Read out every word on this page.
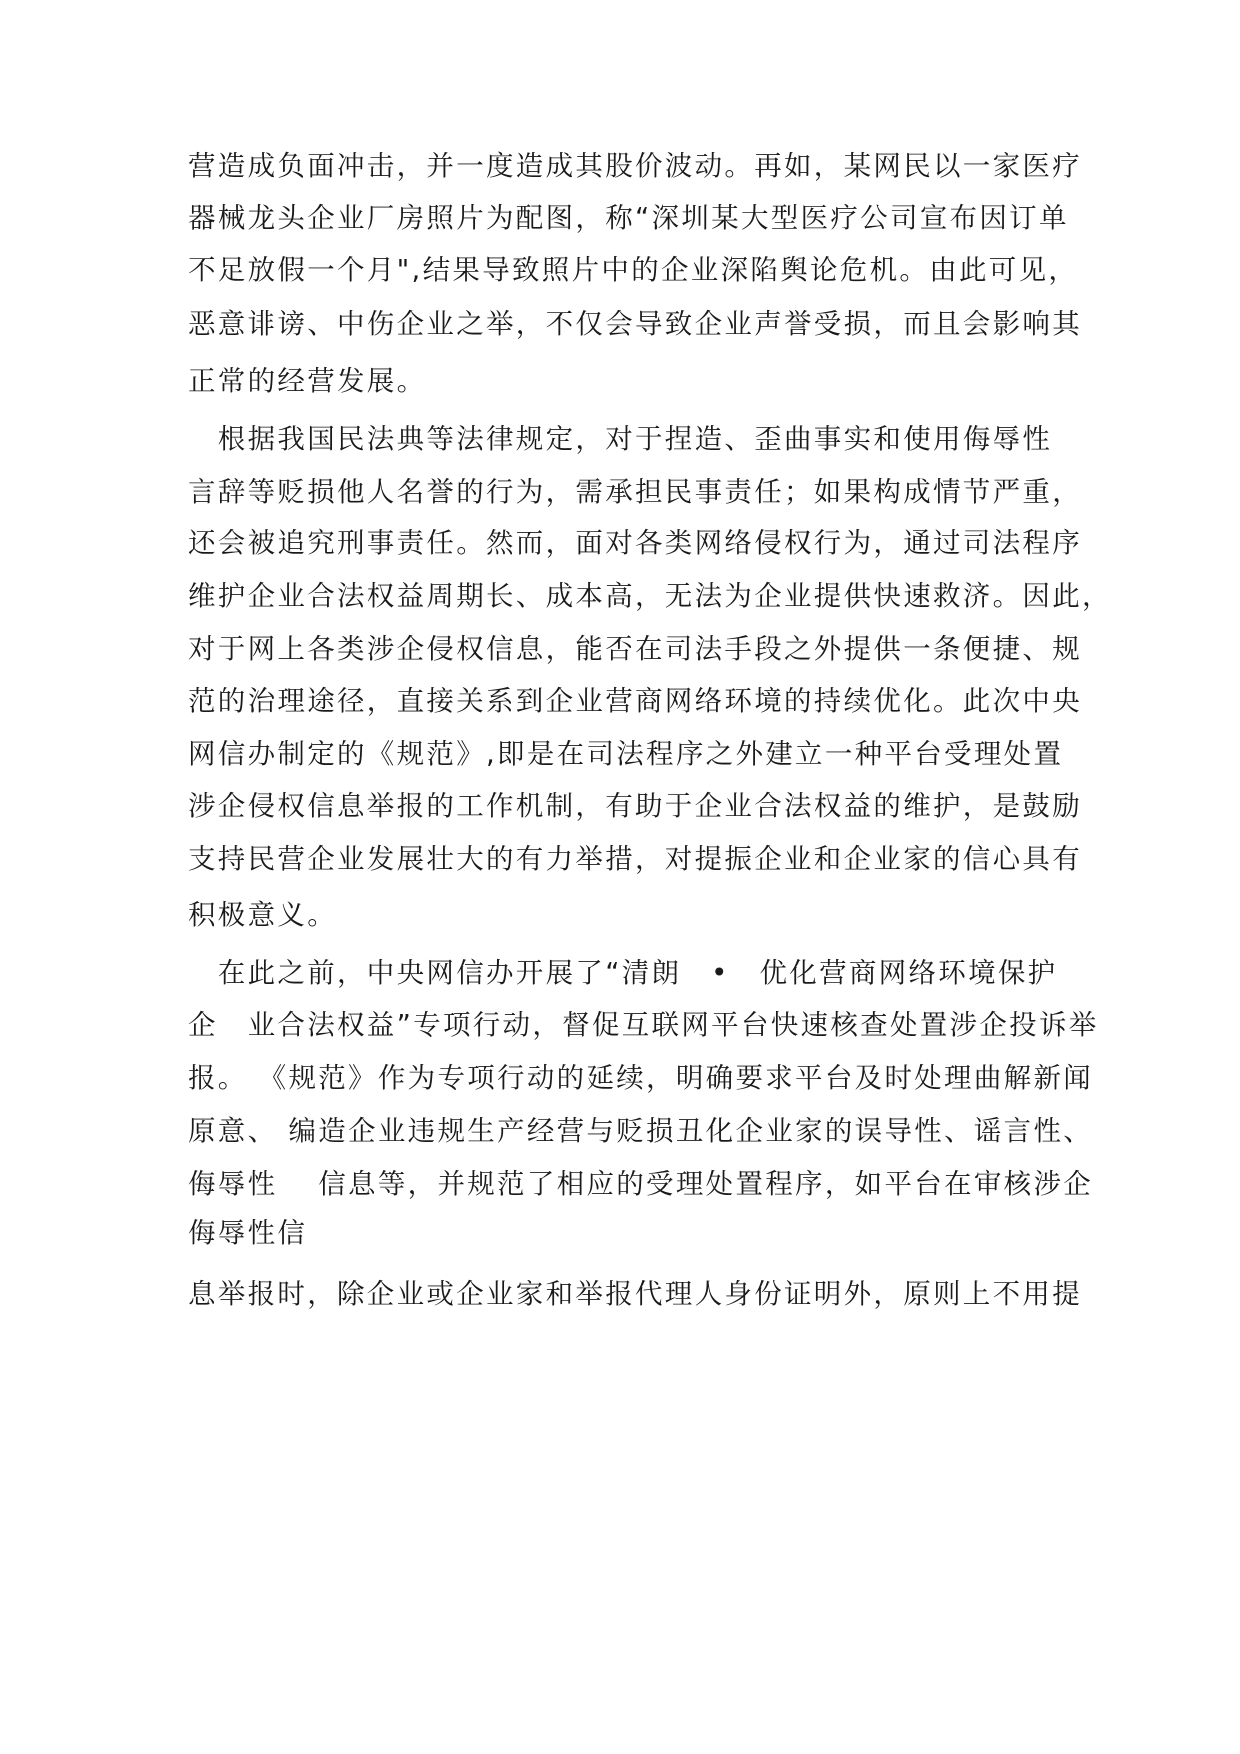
营造成负面冲击，并一度造成其股价波动。再如，某网民以一家医疗
器械龙头企业厂房照片为配图，称“深圳某大型医疗公司宣布因订单
不足放假一个月",结果导致照片中的企业深陷舆论危机。由此可见，
恶意诽谤、中伤企业之举，不仅会导致企业声誉受损，而且会影响其
正常的经营发展。
　根据我国民法典等法律规定，对于捏造、歪曲事实和使用侮辱性
言辞等贬损他人名誉的行为，需承担民事责任；如果构成情节严重，
还会被追究刑事责任。然而，面对各类网络侵权行为，通过司法程序
维护企业合法权益周期长、成本高，无法为企业提供快速救济。因此，
对于网上各类涉企侵权信息，能否在司法手段之外提供一条便捷、规
范的治理途径，直接关系到企业营商网络环境的持续优化。此次中央
网信办制定的《规范》,即是在司法程序之外建立一种平台受理处置
涉企侵权信息举报的工作机制，有助于企业合法权益的维护，是鼓励
支持民营企业发展壮大的有力举措，对提振企业和企业家的信心具有
积极意义。
　在此之前，中央网信办开展了“清朗　•　优化营商网络环境保护
企　业合法权益”专项行动，督促互联网平台快速核查处置涉企投诉举
报。 《规范》作为专项行动的延续，明确要求平台及时处理曲解新闻
原意、 编造企业违规生产经营与贬损丑化企业家的误导性、谣言性、
侮辱性　 信息等，并规范了相应的受理处置程序，如平台在审核涉企
侮辱性信
息举报时，除企业或企业家和举报代理人身份证明外，原则上不用提
